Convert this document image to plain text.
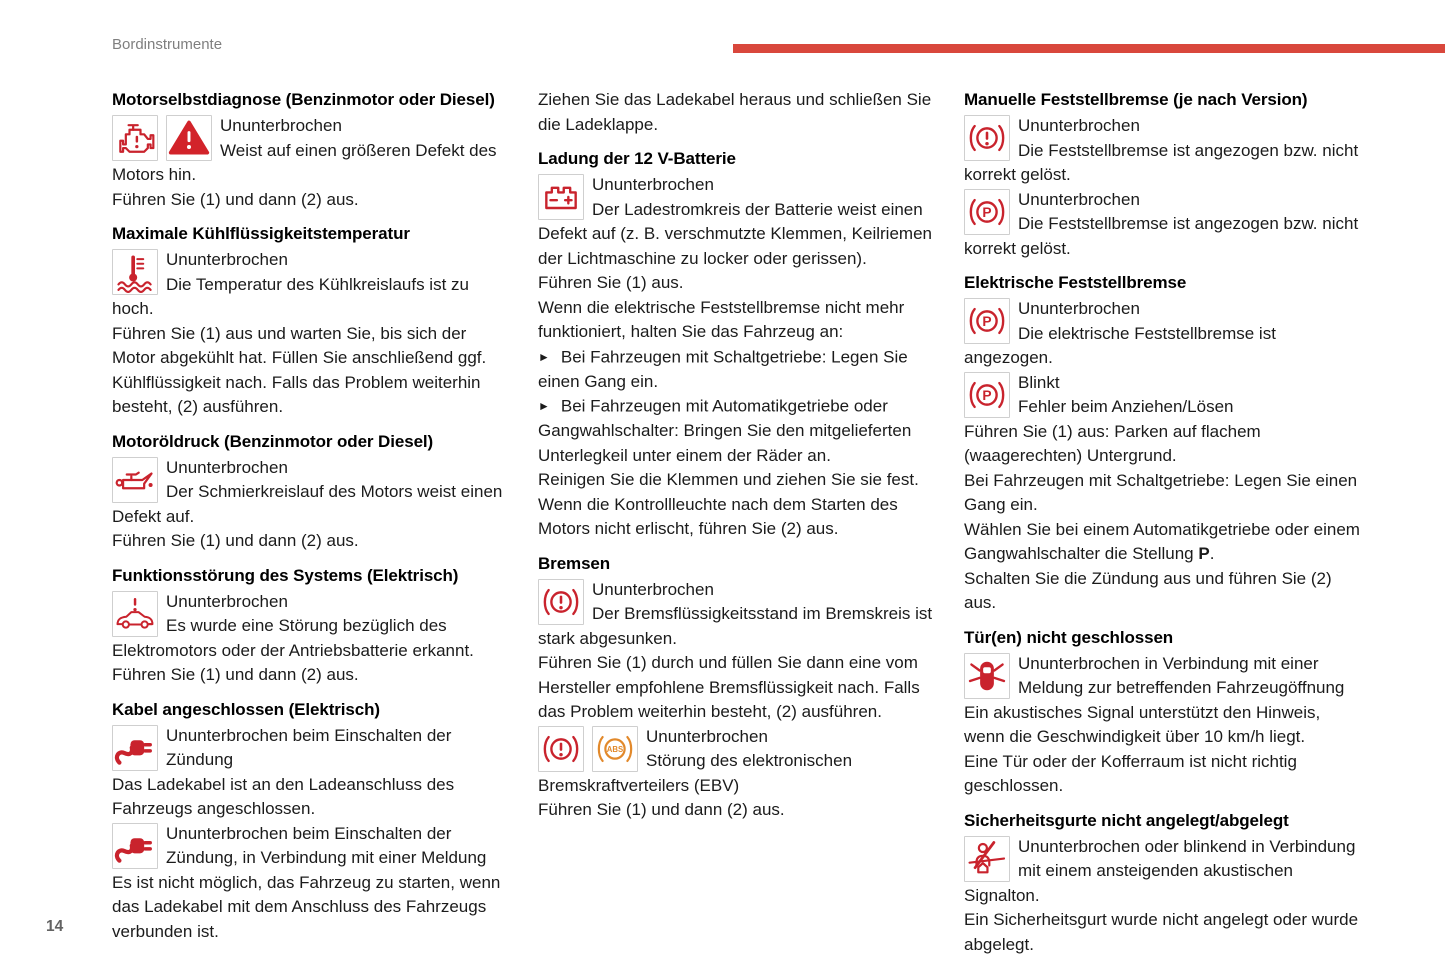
Bordinstrumente
14
Motorselbstdiagnose (Benzinmotor oder Diesel)

Ununterbrochen

Weist auf einen größeren Defekt des Motors hin.

Führen Sie (1) und dann (2) aus.

Maximale Kühlflüssigkeitstemperatur

Ununterbrochen

Die Temperatur des Kühlkreislaufs ist zu hoch.

Führen Sie (1) aus und warten Sie, bis sich der Motor abgekühlt hat. Füllen Sie anschließend ggf. Kühlflüssigkeit nach. Falls das Problem weiterhin besteht, (2) ausführen.

Motoröldruck (Benzinmotor oder Diesel)

Ununterbrochen

Der Schmierkreislauf des Motors weist einen Defekt auf.

Führen Sie (1) und dann (2) aus.

Funktionsstörung des Systems (Elektrisch)

Ununterbrochen

Es wurde eine Störung bezüglich des Elektromotors oder der Antriebsbatterie erkannt.

Führen Sie (1) und dann (2) aus.

Kabel angeschlossen (Elektrisch)

Ununterbrochen beim Einschalten der Zündung

Das Ladekabel ist an den Ladeanschluss des Fahrzeugs angeschlossen.

Ununterbrochen beim Einschalten der Zündung, in Verbindung mit einer Meldung

Es ist nicht möglich, das Fahrzeug zu starten, wenn das Ladekabel mit dem Anschluss des Fahrzeugs verbunden ist.

Ziehen Sie das Ladekabel heraus und schließen Sie die Ladeklappe.

Ladung der 12 V-Batterie

Ununterbrochen

Der Ladestromkreis der Batterie weist einen Defekt auf (z. B. verschmutzte Klemmen, Keilriemen der Lichtmaschine zu locker oder gerissen).

Führen Sie (1) aus.

Wenn die elektrische Feststellbremse nicht mehr funktioniert, halten Sie das Fahrzeug an:

► Bei Fahrzeugen mit Schaltgetriebe: Legen Sie einen Gang ein.

► Bei Fahrzeugen mit Automatikgetriebe oder Gangwahlschalter: Bringen Sie den mitgelieferten Unterlegkeil unter einem der Räder an.

Reinigen Sie die Klemmen und ziehen Sie sie fest.

Wenn die Kontrollleuchte nach dem Starten des Motors nicht erlischt, führen Sie (2) aus.

Bremsen

Ununterbrochen

Der Bremsflüssigkeitsstand im Bremskreis ist stark abgesunken.

Führen Sie (1) durch und füllen Sie dann eine vom Hersteller empfohlene Bremsflüssigkeit nach. Falls das Problem weiterhin besteht, (2) ausführen.

Ununterbrochen

Störung des elektronischen Bremskraftverteilers (EBV)

Führen Sie (1) und dann (2) aus.

Manuelle Feststellbremse (je nach Version)

Ununterbrochen

Die Feststellbremse ist angezogen bzw. nicht korrekt gelöst.

Ununterbrochen

Die Feststellbremse ist angezogen bzw. nicht korrekt gelöst.

Elektrische Feststellbremse

Ununterbrochen

Die elektrische Feststellbremse ist angezogen.

Blinkt

Fehler beim Anziehen/Lösen

Führen Sie (1) aus: Parken auf flachem (waagerechten) Untergrund.

Bei Fahrzeugen mit Schaltgetriebe: Legen Sie einen Gang ein.

Wählen Sie bei einem Automatikgetriebe oder einem Gangwahlschalter die Stellung P.

Schalten Sie die Zündung aus und führen Sie (2) aus.

Tür(en) nicht geschlossen

Ununterbrochen in Verbindung mit einer Meldung zur betreffenden Fahrzeugöffnung

Ein akustisches Signal unterstützt den Hinweis, wenn die Geschwindigkeit über 10 km/h liegt.

Eine Tür oder der Kofferraum ist nicht richtig geschlossen.

Sicherheitsgurte nicht angelegt/abgelegt

Ununterbrochen oder blinkend in Verbindung mit einem ansteigenden akustischen Signalton.

Ein Sicherheitsgurt wurde nicht angelegt oder wurde abgelegt.
